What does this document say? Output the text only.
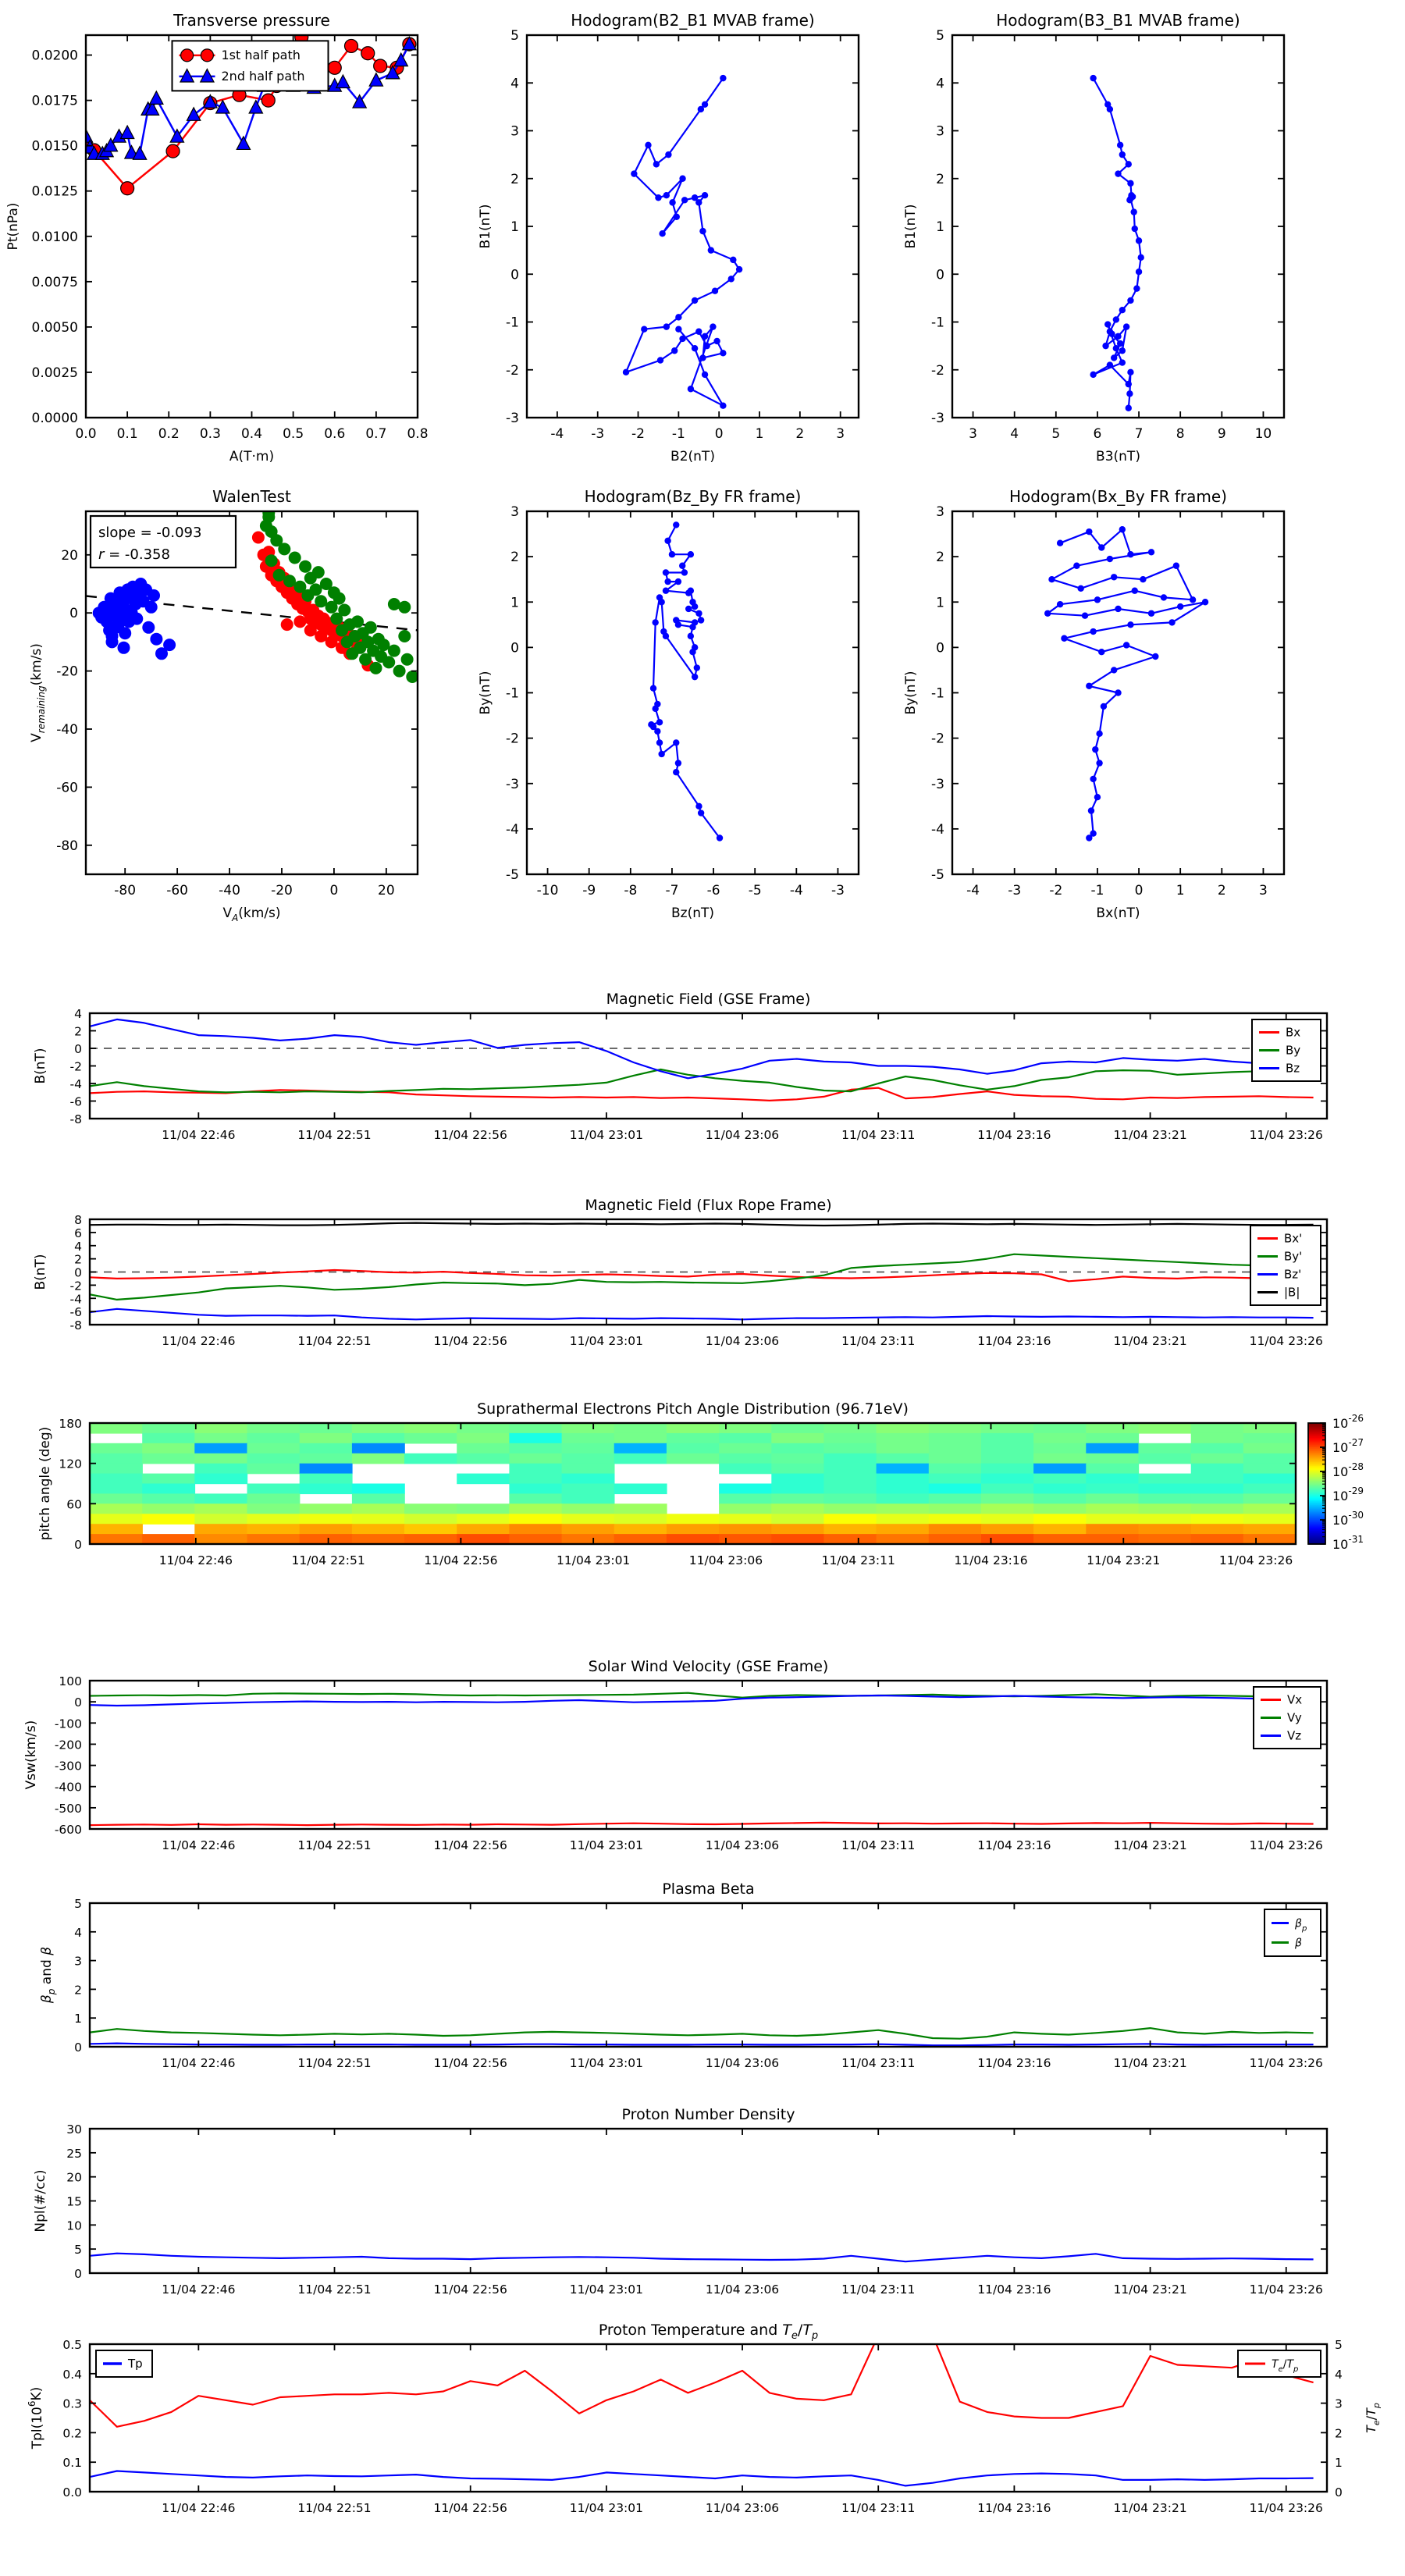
0.0 0.1 0.2 0.3 0.4 0.5 0.6 0.7 0.8
0.0000
0.0025
0.0050
0.0075
0.0100
0.0125
0.0150
0.0175
0.0200
Transverse pressure
A(T·m)
Pt(nPa)
1st half path
2nd half path
-4 -3 -2 -1 0 1 2 3
-3
-2
-1
0
1
2
3
4
5
Hodogram(B2_B1 MVAB frame)
B2(nT)
B1(nT)
3 4 5 6 7 8 9 10
-3
-2
-1
0
1
2
3
4
5
Hodogram(B3_B1 MVAB frame)
B3(nT)
B1(nT)
-80 -60 -40 -20	0	20
20
0
-20
-40
-60
-80
WalenTest
$V_A(km/s)$
$V_{remaining}(km/s)$
slope = -0.093
r = -0.358
-10 -9 -8 -7 -6 -5 -4 -3
-5
-4
-3
-2
-1
0
1
2
3
Hodogram(Bz_By FR frame)
Bz(nT)
By(nT)
-4 -3 -2 -1 0 1 2 3
-5
-4
-3
-2
-1
0
1
2
3
Hodogram(Bx_By FR frame)
Bx(nT)
By(nT)
11/04 22:46	11/04 22:51	11/04 22:56	11/04 23:01	11/04 23:06	11/04 23:11	11/04 23:16	11/04 23:21	11/04 23:26
-8
-6
-4
-2
0
2
4
Magnetic Field (GSE Frame)
B(nT)
Bx
By
Bz
11/04 22:46	11/04 22:51	11/04 22:56	11/04 23:01	11/04 23:06	11/04 23:11	11/04 23:16	11/04 23:21	11/04 23:26
-8
-6
-4
-2
0
2
4
6
8
Magnetic Field (Flux Rope Frame)
B(nT)
Bx'
By'
Bz'
|B|
11/04 22:46	11/04 22:51	11/04 22:56	11/04 23:01	11/04 23:06	11/04 23:11	11/04 23:16	11/04 23:21	11/04 23:26
0
60
120
180
Suprathermal Electrons Pitch Angle Distribution (96.71eV)
pitch angle (deg)
$10^{-26}$
$10^{-27}$
$10^{-28}$
$10^{-29}$
$10^{-30}$
$10^{-31}$
11/04 22:46	11/04 22:51	11/04 22:56	11/04 23:01	11/04 23:06	11/04 23:11	11/04 23:16	11/04 23:21	11/04 23:26
-600
-500
-400
-300
-200
-100
0
100
Solar Wind Velocity (GSE Frame)
Vsw(km/s)
Vx
Vy
Vz
11/04 22:46	11/04 22:51	11/04 22:56	11/04 23:01	11/04 23:06	11/04 23:11	11/04 23:16	11/04 23:21	11/04 23:26
0
1
2
3
4
5
Plasma Beta
$\beta_p$ and β
$\beta_p$
β
11/04 22:46	11/04 22:51	11/04 22:56	11/04 23:01	11/04 23:06	11/04 23:11	11/04 23:16	11/04 23:21	11/04 23:26
0
5
10
15
20
25
30
Proton Number Density
Npl(#/cc)
11/04 22:46	11/04 22:51	11/04 22:56	11/04 23:01	11/04 23:06	11/04 23:11	11/04 23:16	11/04 23:21	11/04 23:26
0.0
0.1
0.2
0.3
0.4
0.5
0
1
2
3
4
5
Proton Temperature and $T_e/T_p$
$Tpl(10^6K)$
$T_e/T_p$
Tp	$T_e/T_p$
